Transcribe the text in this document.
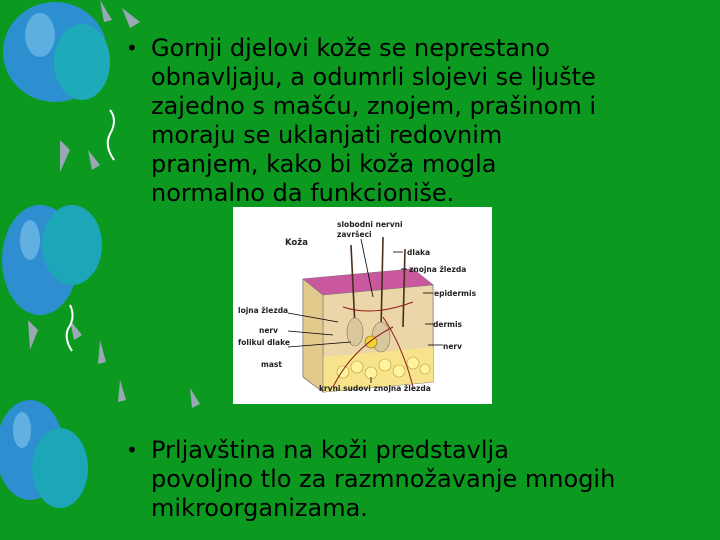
• Gornji djelovi kože se neprestano
obnavljaju, a odumrli slojevi se ljušte
zajedno s mašću, znojem, prašinom i
moraju se uklanjati redovnim
pranjem, kako bi koža mogla
normalno da funkcioniše.
Koža
slobodni nervni
završeci
dlaka
znojna žlezda
epidermis
lojna žlezda
dermis
nerv
folikul dlake	nerv
mast
krvni sudovi znojna žlezda
• Prljavština na koži predstavlja
povoljno tlo za razmnožavanje mnogih
mikroorganizama.
